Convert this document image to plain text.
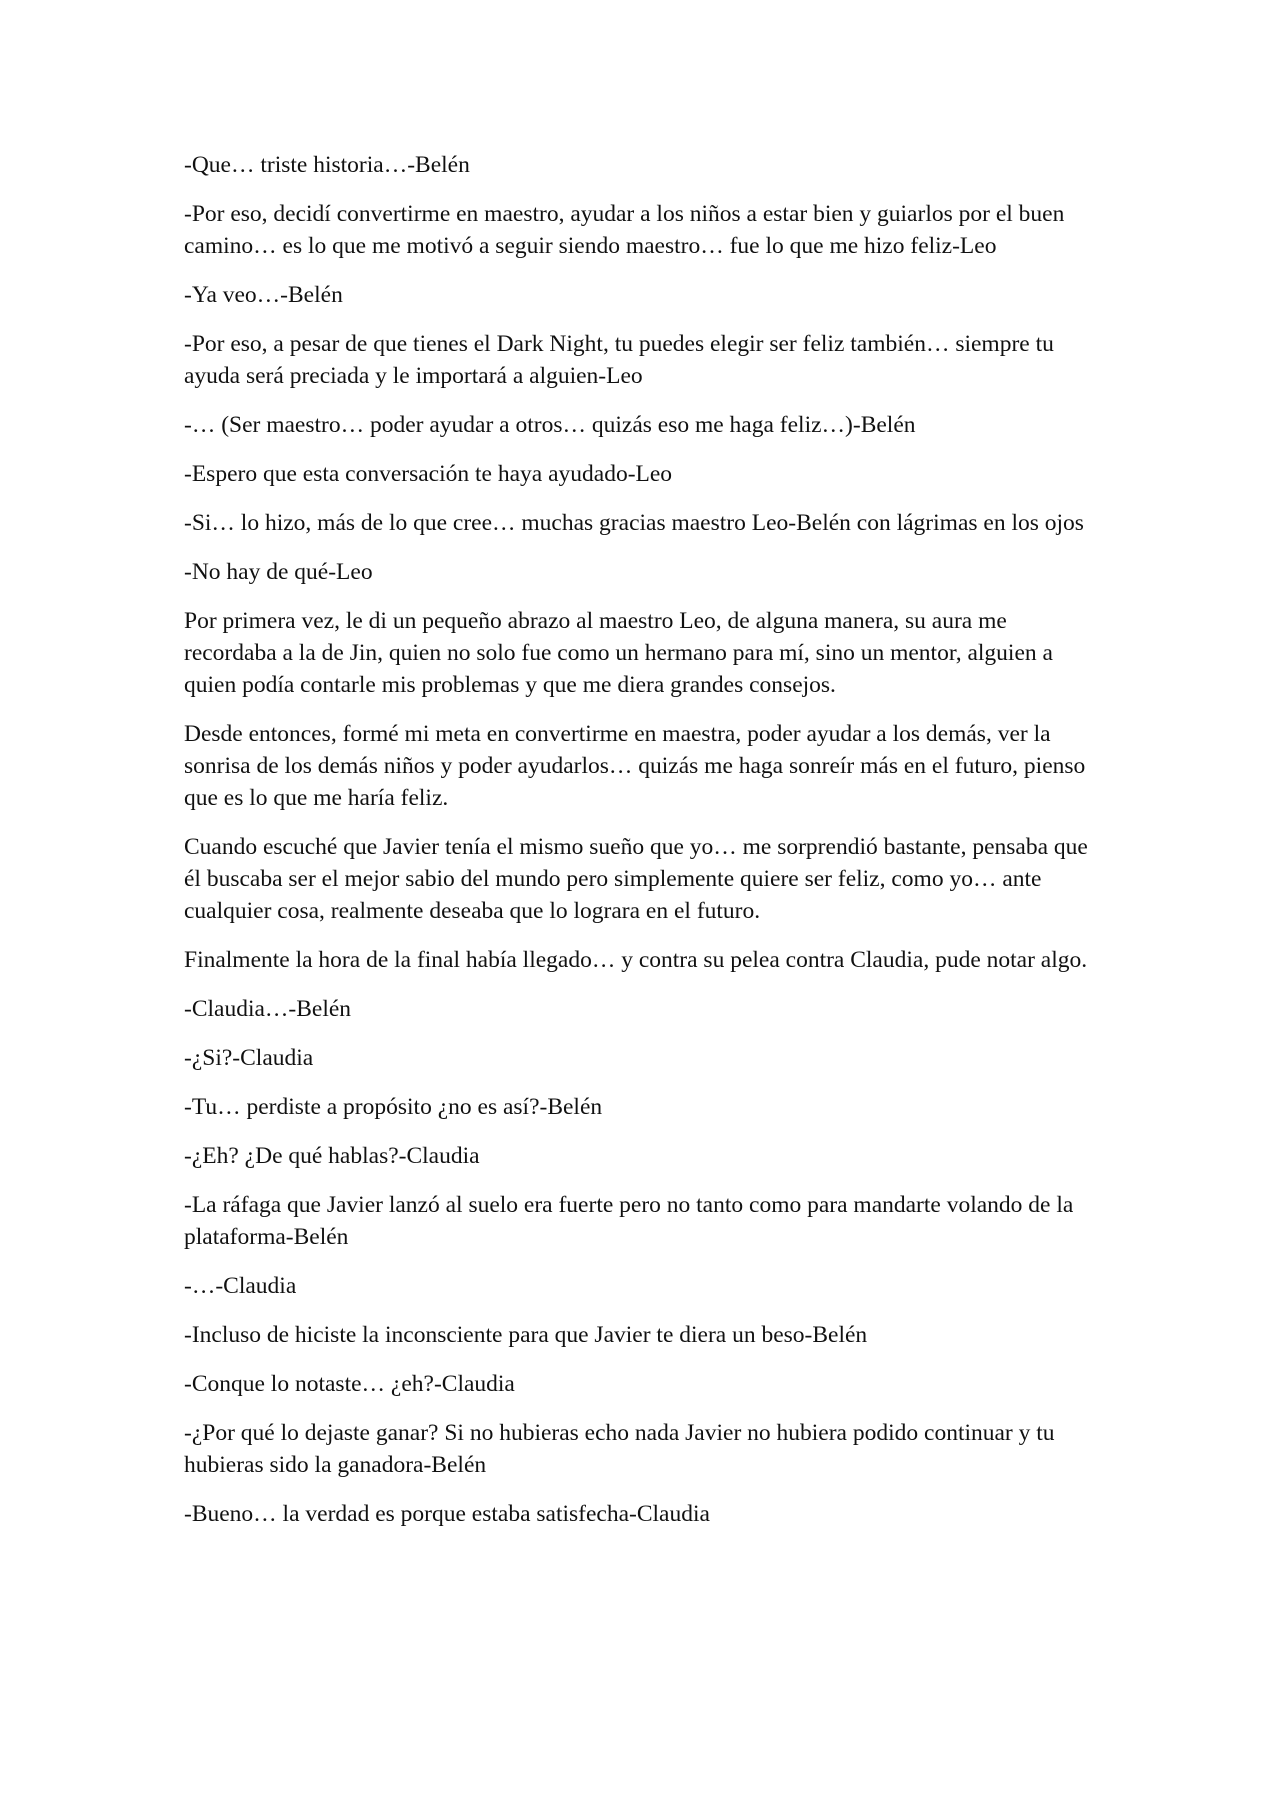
-Que… triste historia…-Belén

-Por eso, decidí convertirme en maestro, ayudar a los niños a estar bien y guiarlos por el buen camino… es lo que me motivó a seguir siendo maestro… fue lo que me hizo feliz-Leo

-Ya veo…-Belén

-Por eso, a pesar de que tienes el Dark Night, tu puedes elegir ser feliz también… siempre tu ayuda será preciada y le importará a alguien-Leo

-… (Ser maestro… poder ayudar a otros… quizás eso me haga feliz…)-Belén

-Espero que esta conversación te haya ayudado-Leo

-Si… lo hizo, más de lo que cree… muchas gracias maestro Leo-Belén con lágrimas en los ojos

-No hay de qué-Leo

Por primera vez, le di un pequeño abrazo al maestro Leo, de alguna manera, su aura me recordaba a la de Jin, quien no solo fue como un hermano para mí, sino un mentor, alguien a quien podía contarle mis problemas y que me diera grandes consejos.

Desde entonces, formé mi meta en convertirme en maestra, poder ayudar a los demás, ver la sonrisa de los demás niños y poder ayudarlos… quizás me haga sonreír más en el futuro, pienso que es lo que me haría feliz.

Cuando escuché que Javier tenía el mismo sueño que yo… me sorprendió bastante, pensaba que él buscaba ser el mejor sabio del mundo pero simplemente quiere ser feliz, como yo… ante cualquier cosa, realmente deseaba que lo lograra en el futuro.

Finalmente la hora de la final había llegado… y contra su pelea contra Claudia, pude notar algo.

-Claudia…-Belén

-¿Si?-Claudia

-Tu… perdiste a propósito ¿no es así?-Belén

-¿Eh? ¿De qué hablas?-Claudia

-La ráfaga que Javier lanzó al suelo era fuerte pero no tanto como para mandarte volando de la plataforma-Belén

-…-Claudia

-Incluso de hiciste la inconsciente para que Javier te diera un beso-Belén

-Conque lo notaste… ¿eh?-Claudia

-¿Por qué lo dejaste ganar? Si no hubieras echo nada Javier no hubiera podido continuar y tu hubieras sido la ganadora-Belén

-Bueno… la verdad es porque estaba satisfecha-Claudia
